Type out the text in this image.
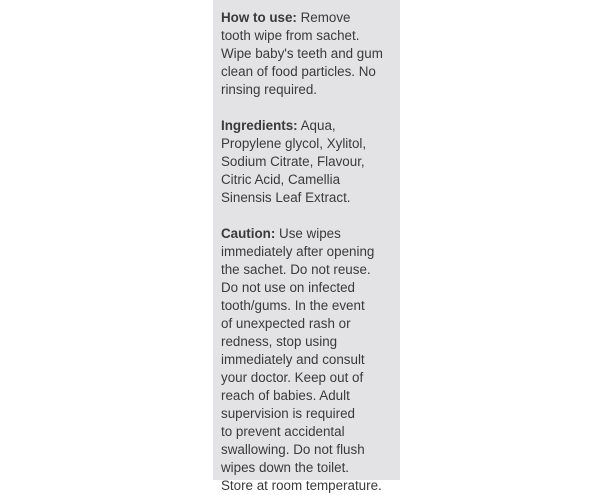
How to use: Remove
tooth wipe from sachet.
Wipe baby's teeth and gum
clean of food particles. No
rinsing required.
Ingredients: Aqua,
Propylene glycol, Xylitol,
Sodium Citrate, Flavour,
Citric Acid, Camellia
Sinensis Leaf Extract.
Caution: Use wipes
immediately after opening
the sachet. Do not reuse.
Do not use on infected
tooth/gums. In the event
of unexpected rash or
redness, stop using
immediately and consult
your doctor. Keep out of
reach of babies. Adult
supervision is required
to prevent accidental
swallowing. Do not flush
wipes down the toilet.
Store at room temperature.
